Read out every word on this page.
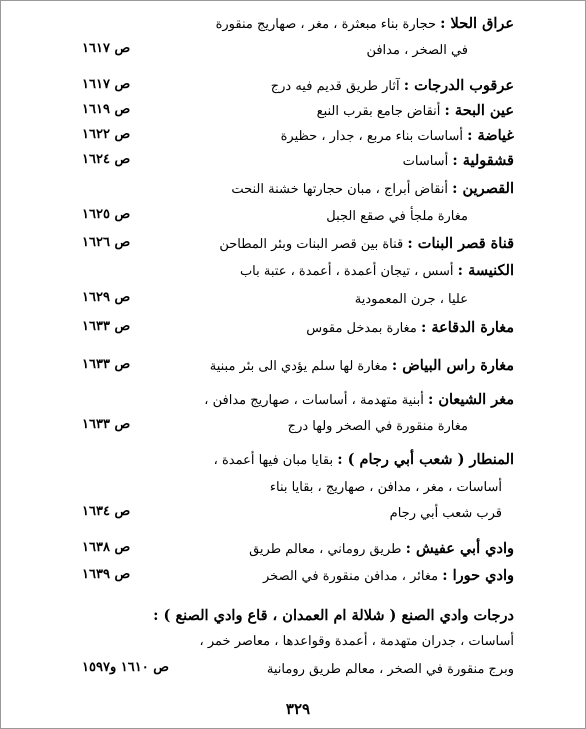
عراق الحلا : حجارة بناء مبعثرة ، مغر ، صهاريج منقورة
في الصخر ، مدافن
ص ١٦١٧
عرقوب الدرجات : آثار طريق قديم فيه درج
ص ١٦١٧
عين البحة : أنقاض جامع بقرب النبع
ص ١٦١٩
غياضة : أساسات بناء مربع ، جدار ، حظيرة
ص ١٦٢٢
قشقولية : أساسات
ص ١٦٢٤
القصرين : أنقاض أبراج ، مبان حجارتها خشنة النحت
مغارة ملجأ في صقع الجبل
ص ١٦٢٥
قناة قصر البنات : قناة بين قصر البنات وبئر المطاحن
ص ١٦٢٦
الكنيسة : أسس ، تيجان أعمدة ، أعمدة ، عتبة باب
عليا ، جرن المعمودية
ص ١٦٢٩
مغارة الدقاعة : مغارة بمدخل مقوس
ص ١٦٣٣
مغارة راس البياض : مغارة لها سلم يؤدي الى بئر مبنية
ص ١٦٣٣
مغر الشيعان : أبنية متهدمة ، أساسات ، صهاريج مدافن ،
مغارة منقورة في الصخر ولها درج
ص ١٦٣٣
المنطار ( شعب أبي رجام ) : بقايا مبان فيها أعمدة ،
أساسات ، مغر ، مدافن ، صهاريج ، بقايا بناء
قرب شعب أبي رجام
ص ١٦٣٤
وادي أبي عفيش : طريق روماني ، معالم طريق
ص ١٦٣٨
وادي حورا : مغائر ، مدافن منقورة في الصخر
ص ١٦٣٩
درجات وادي الصنع ( شلالة ام العمدان ، قاع وادي الصنع ) :
أساسات ، جدران متهدمة ، أعمدة وقواعدها ، معاصر خمر ،
وبرج منقورة في الصخر ، معالم طريق رومانية
ص ١٦١٠ و١٥٩٧
٣٢٩
